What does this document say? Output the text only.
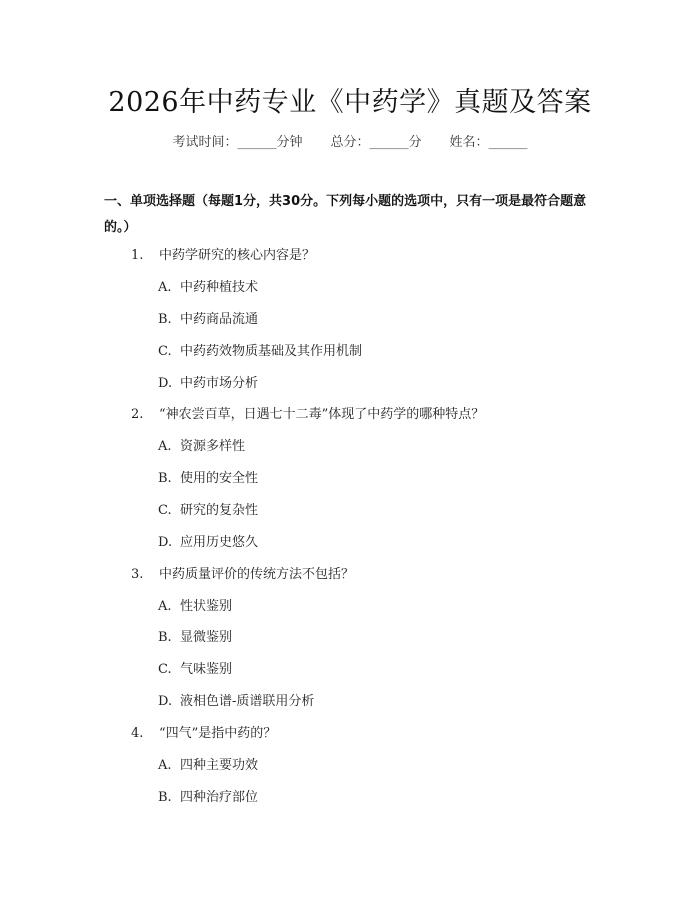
2026年中药专业《中药学》真题及答案
考试时间：______分钟 总分：______分 姓名：______
一、单项选择题（每题1分，共30分。下列每小题的选项中，只有一项是最符合题意的。）
1. 中药学研究的核心内容是？
A. 中药种植技术
B. 中药商品流通
C. 中药药效物质基础及其作用机制
D. 中药市场分析
2. “神农尝百草，日遇七十二毒”体现了中药学的哪种特点？
A. 资源多样性
B. 使用的安全性
C. 研究的复杂性
D. 应用历史悠久
3. 中药质量评价的传统方法不包括？
A. 性状鉴别
B. 显微鉴别
C. 气味鉴别
D. 液相色谱-质谱联用分析
4. “四气”是指中药的？
A. 四种主要功效
B. 四种治疗部位
